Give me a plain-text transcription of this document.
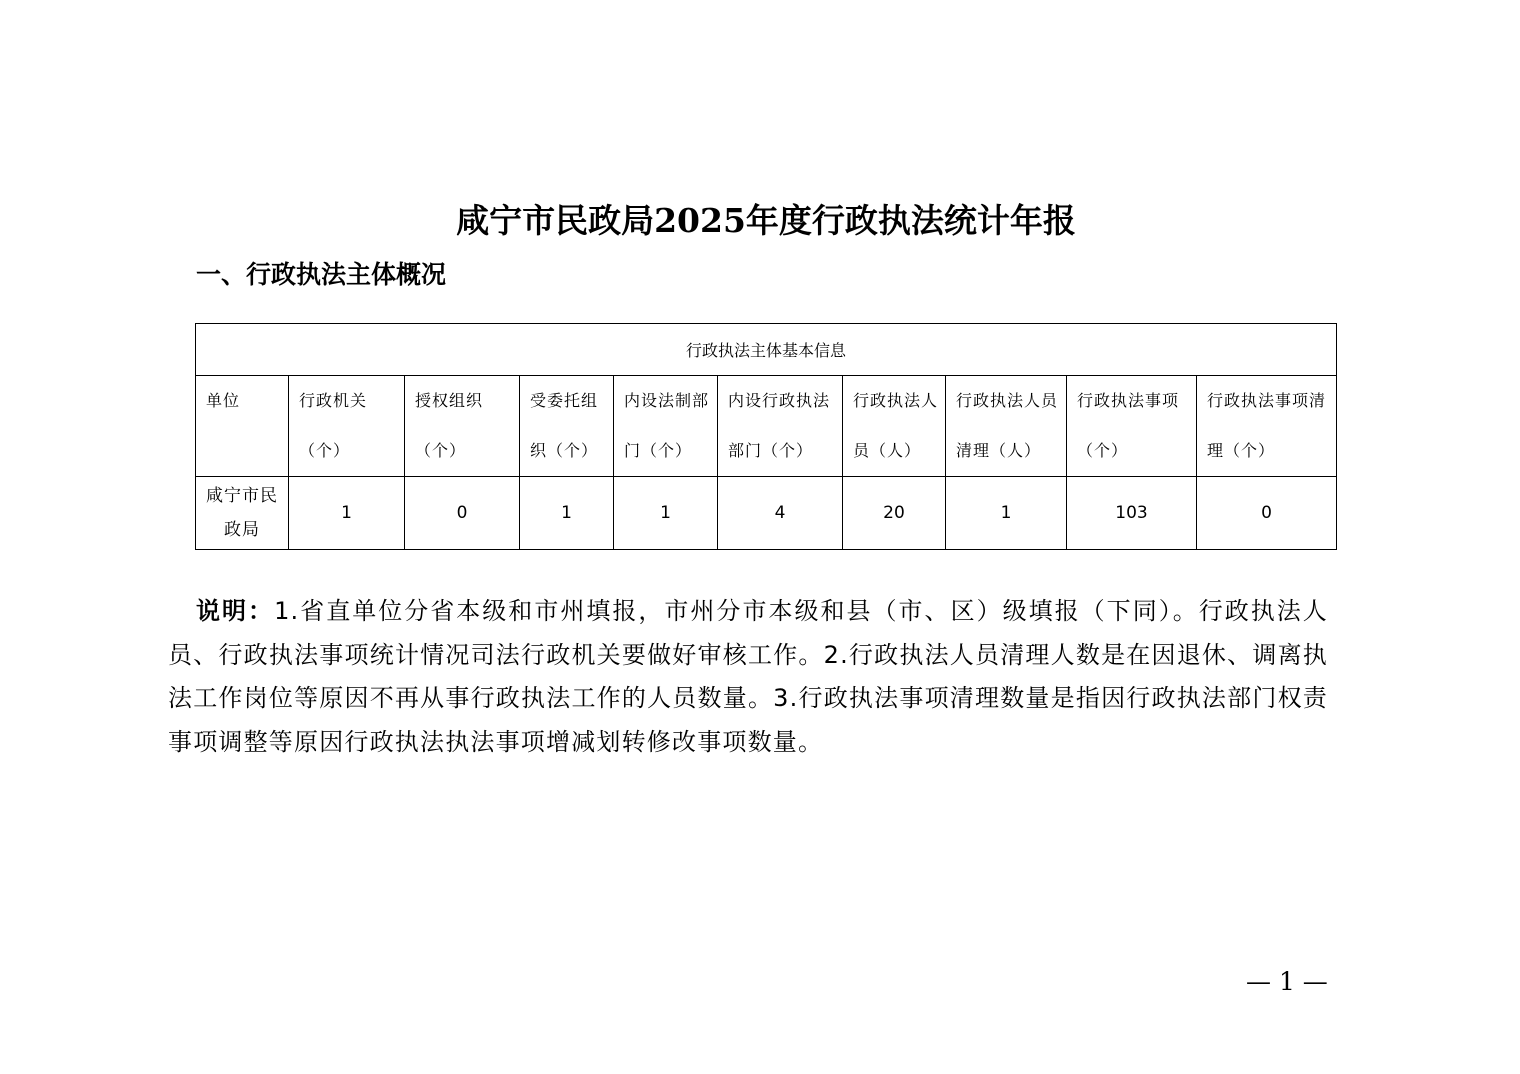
咸宁市民政局2025年度行政执法统计年报
一、行政执法主体概况
行政执法主体基本信息									
单位	行政机关（个）	授权组织（个）	受委托组织（个）	内设法制部门（个）	内设行政执法部门（个）	行政执法人员（人）	行政执法人员清理（人）	行政执法事项（个）	行政执法事项清理（个）
咸宁市民政局	1	0	1	1	4	20	1	103	0

说明：1.省直单位分省本级和市州填报，市州分市本级和县（市、区）级填报（下同）。行政执法人员、行政执法事项统计情况司法行政机关要做好审核工作。2.行政执法人员清理人数是在因退休、调离执法工作岗位等原因不再从事行政执法工作的人员数量。3.行政执法事项清理数量是指因行政执法部门权责事项调整等原因行政执法执法事项增减划转修改事项数量。

— 1 —
